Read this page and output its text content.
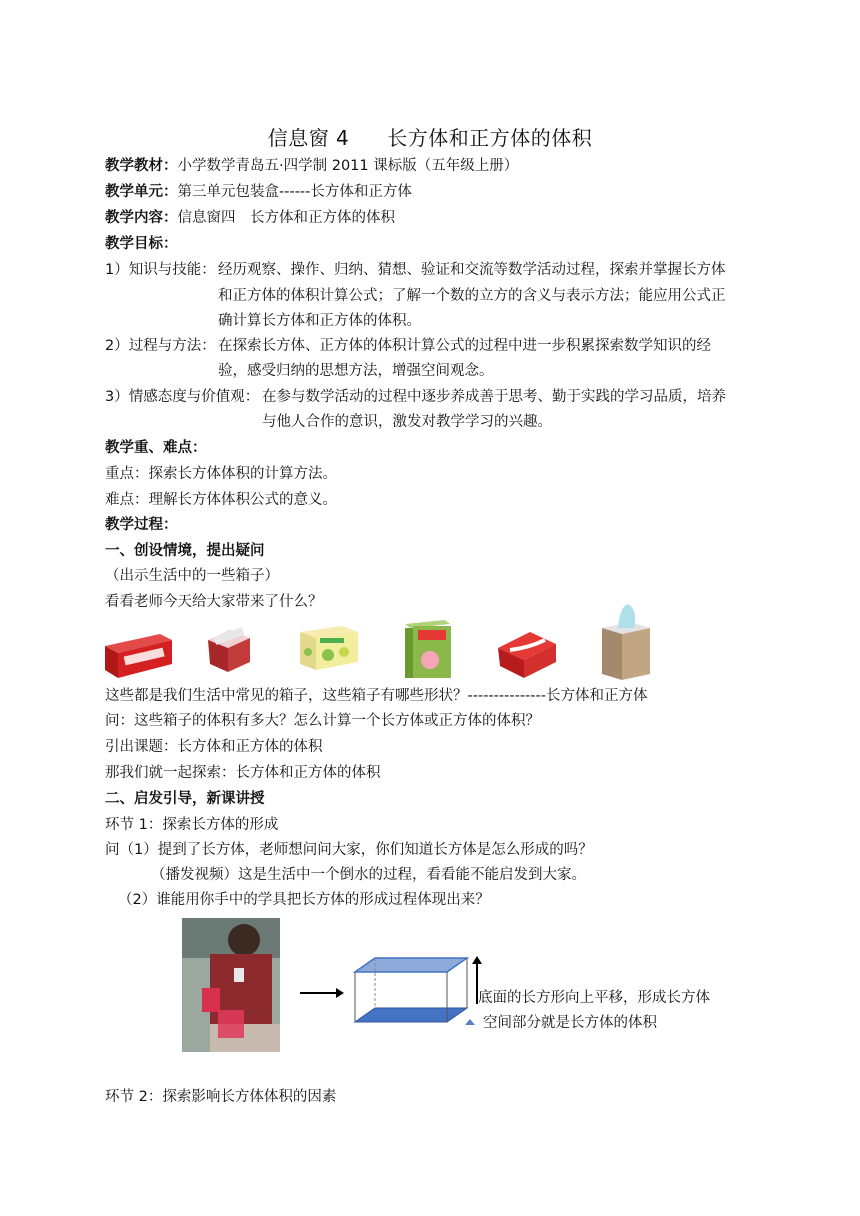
信息窗 4 长方体和正方体的体积
教学教材：小学数学青岛五·四学制 2011 课标版（五年级上册）
教学单元：第三单元包装盒------长方体和正方体
教学内容：信息窗四　长方体和正方体的体积
教学目标：
1）知识与技能： 经历观察、操作、归纳、猜想、验证和交流等数学活动过程，探索并掌握长方体
和正方体的体积计算公式；了解一个数的立方的含义与表示方法；能应用公式正
确计算长方体和正方体的体积。
2）过程与方法： 在探索长方体、正方体的体积计算公式的过程中进一步积累探索数学知识的经
验，感受归纳的思想方法，增强空间观念。
3）情感态度与价值观： 在参与数学活动的过程中逐步养成善于思考、勤于实践的学习品质，培养
与他人合作的意识，激发对教学学习的兴趣。
教学重、难点：
重点：探索长方体体积的计算方法。
难点：理解长方体体积公式的意义。
教学过程：
一、创设情境，提出疑问
（出示生活中的一些箱子）
看看老师今天给大家带来了什么？
这些都是我们生活中常见的箱子，这些箱子有哪些形状？---------------长方体和正方体
问：这些箱子的体积有多大？怎么计算一个长方体或正方体的体积？
引出课题：长方体和正方体的体积
那我们就一起探索：长方体和正方体的体积
二、启发引导，新课讲授
环节 1：探索长方体的形成
问（1）提到了长方体，老师想问问大家，你们知道长方体是怎么形成的吗？
（播发视频）这是生活中一个倒水的过程，看看能不能启发到大家。
（2）谁能用你手中的学具把长方体的形成过程体现出来？
底面的长方形向上平移，形成长方体
空间部分就是长方体的体积
环节 2：探索影响长方体体积的因素
